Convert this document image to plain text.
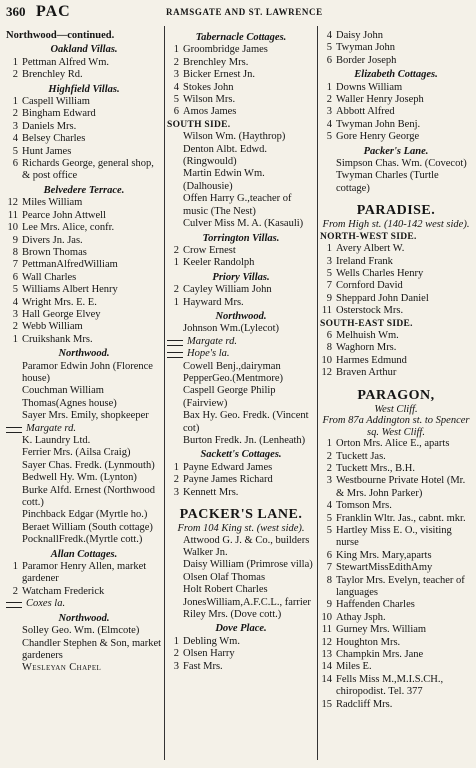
360 PAC	RAMSGATE AND ST. LAWRENCE
Northwood—continued.
Oakland Villas.
1 Pettman Alfred Wm.
2 Brenchley Rd.
Highfield Villas.
1 Caspell William
2 Bingham Edward
3 Daniels Mrs.
4 Belsey Charles
5 Hunt James
6 Richards George, general shop, & post office
Belvedere Terrace.
12 Miles William
11 Pearce John Attwell
10 Lee Mrs. Alice, confr.
9 Divers Jn. Jas.
8 Brown Thomas
7 PettmanAlfredWilliam
6 Wall Charles
5 Williams Albert Henry
4 Wright Mrs. E. E.
3 Hall George Elvey
2 Webb William
1 Cruikshank Mrs.
Northwood.
Paramor Edwin John (Florence house)
Couchman William Thomas(Agnes house)
Sayer Mrs. Emily, shopkeeper
Margate rd.
K. Laundry Ltd.
Ferrier Mrs. (Ailsa Craig)
Sayer Chas. Fredk. (Lynmouth)
Bedwell Hy. Wm. (Lynton)
Burke Alfd. Ernest (Northwood cott.)
Pinchback Edgar (Myrtle ho.)
Beraet William (South cottage)
PocknallFredk.(Myrtle cott.)
Allan Cottages.
1 Paramor Henry Allen, market gardener
2 Watcham Frederick
Coxes la.
Northwood.
Solley Geo. Wm. (Elmcote)
Chandler Stephen & Son, market gardeners
Wesleyan Chapel
Tabernacle Cottages.
1 Groombridge James
2 Brenchley Mrs.
3 Bicker Ernest Jn.
4 Stokes John
5 Wilson Mrs.
6 Amos James
SOUTH SIDE.
Wilson Wm. (Haythrop)
Denton Albt. Edwd. (Ringwould)
Martin Edwin Wm. (Dalhousie)
Offen Harry G.,teacher of music (The Nest)
Culver Miss M. A. (Kasauli)
Torrington Villas.
2 Crow Ernest
1 Keeler Randolph
Priory Villas.
2 Cayley William John
1 Hayward Mrs.
Northwood.
Johnson Wm.(Lylecot)
Margate rd.
Hope's la.
Cowell Benj.,dairyman
PepperGeo.(Mentmore)
Caspell George Philip (Fairview)
Bax Hy. Geo. Fredk. (Vincent cot)
Burton Fredk. Jn. (Lenheath)
Sackett's Cottages.
1 Payne Edward James
2 Payne James Richard
3 Kennett Mrs.
PACKER'S LANE.
From 104 King st. (west side).
Attwood G. J. & Co., builders
Walker Jn.
Daisy William (Primrose villa)
Olsen Olaf Thomas
Holt Robert Charles
JonesWilliam,A.F.C.L., farrier
Riley Mrs. (Dove cott.)
Dove Place.
1 Debling Wm.
2 Olsen Harry
3 Fast Mrs.
4 Daisy John
5 Twyman John
6 Border Joseph
Elizabeth Cottages.
1 Downs William
2 Waller Henry Joseph
3 Abbott Alfred
4 Twyman John Benj.
5 Gore Henry George
Packer's Lane.
Simpson Chas. Wm. (Covecot)
Twyman Charles (Turtle cottage)
PARADISE.
From High st. (140-142 west side).
NORTH-WEST SIDE.
1 Avery Albert W.
3 Ireland Frank
5 Wells Charles Henry
7 Cornford David
9 Sheppard John Daniel
11 Osterstock Mrs.
SOUTH-EAST SIDE.
6 Melhuish Wm.
8 Waghorn Mrs.
10 Harmes Edmund
12 Braven Arthur
PARAGON,
West Cliff.
From 87a Addington st. to Spencer sq. West Cliff.
1 Orton Mrs. Alice E., aparts
2 Tuckett Jas.
2 Tuckett Mrs., B.H.
3 Westbourne Private Hotel (Mr. & Mrs. John Parker)
4 Tomson Mrs.
5 Franklin Wltr. Jas., cabnt. mkr.
5 Hartley Miss E. O., visiting nurse
6 King Mrs. Mary,aparts
7 StewartMissEdithAmy
8 Taylor Mrs. Evelyn, teacher of languages
9 Haffenden Charles
10 Athay Jsph.
11 Gurney Mrs. William
12 Houghton Mrs.
13 Champkin Mrs. Jane
14 Miles E.
14 Fells Miss M.,M.I.S.CH., chiropodist. Tel. 377
15 Radcliff Mrs.
